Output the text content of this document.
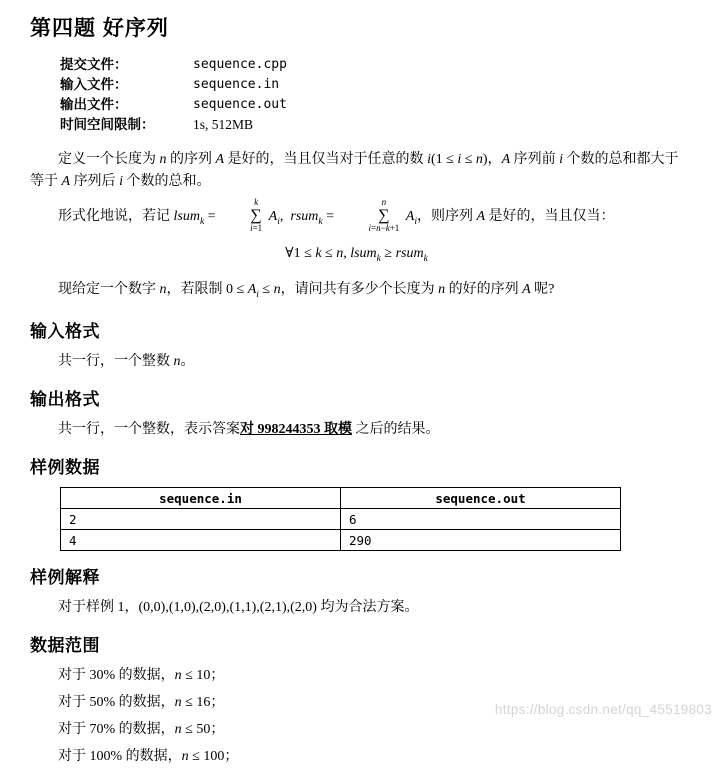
第四题 好序列
提交文件：	sequence.cpp
输入文件：	sequence.in
输出文件：	sequence.out
时间空间限制：	1s, 512MB

定义一个长度为 n 的序列 A 是好的，当且仅当对于任意的数 i(1 ≤ i ≤ n)，A 序列前 i 个数的总和都大于等于 A 序列后 i 个数的总和。

形式化地说，若记 lsum$_k$ =
k
∑
i=1
$A_i$,  rsum$_k$ =
n
∑
i=n−k+1
$A_i$，则序列 A 是好的，当且仅当：

∀1 ≤ k ≤ n, lsum$_k$ ≥ rsum$_k$

现给定一个数字 n，若限制 $0 \le A_i \le n$，请问共有多少个长度为 n 的好的序列 A 呢?

输入格式

共一行，一个整数 n。

输出格式

共一行，一个整数，表示答案对 998244353 取模 之后的结果。

样例数据
sequence.in	sequence.out
2	6
4	290
样例解释

对于样例 1，(0,0),(1,0),(2,0),(1,1),(2,1),(2,0) 均为合法方案。

数据范围

对于 30% 的数据，n ≤ 10；

对于 50% 的数据，n ≤ 16；

对于 70% 的数据，n ≤ 50；

对于 100% 的数据，n ≤ 100；

https://blog.csdn.net/qq_45519803
